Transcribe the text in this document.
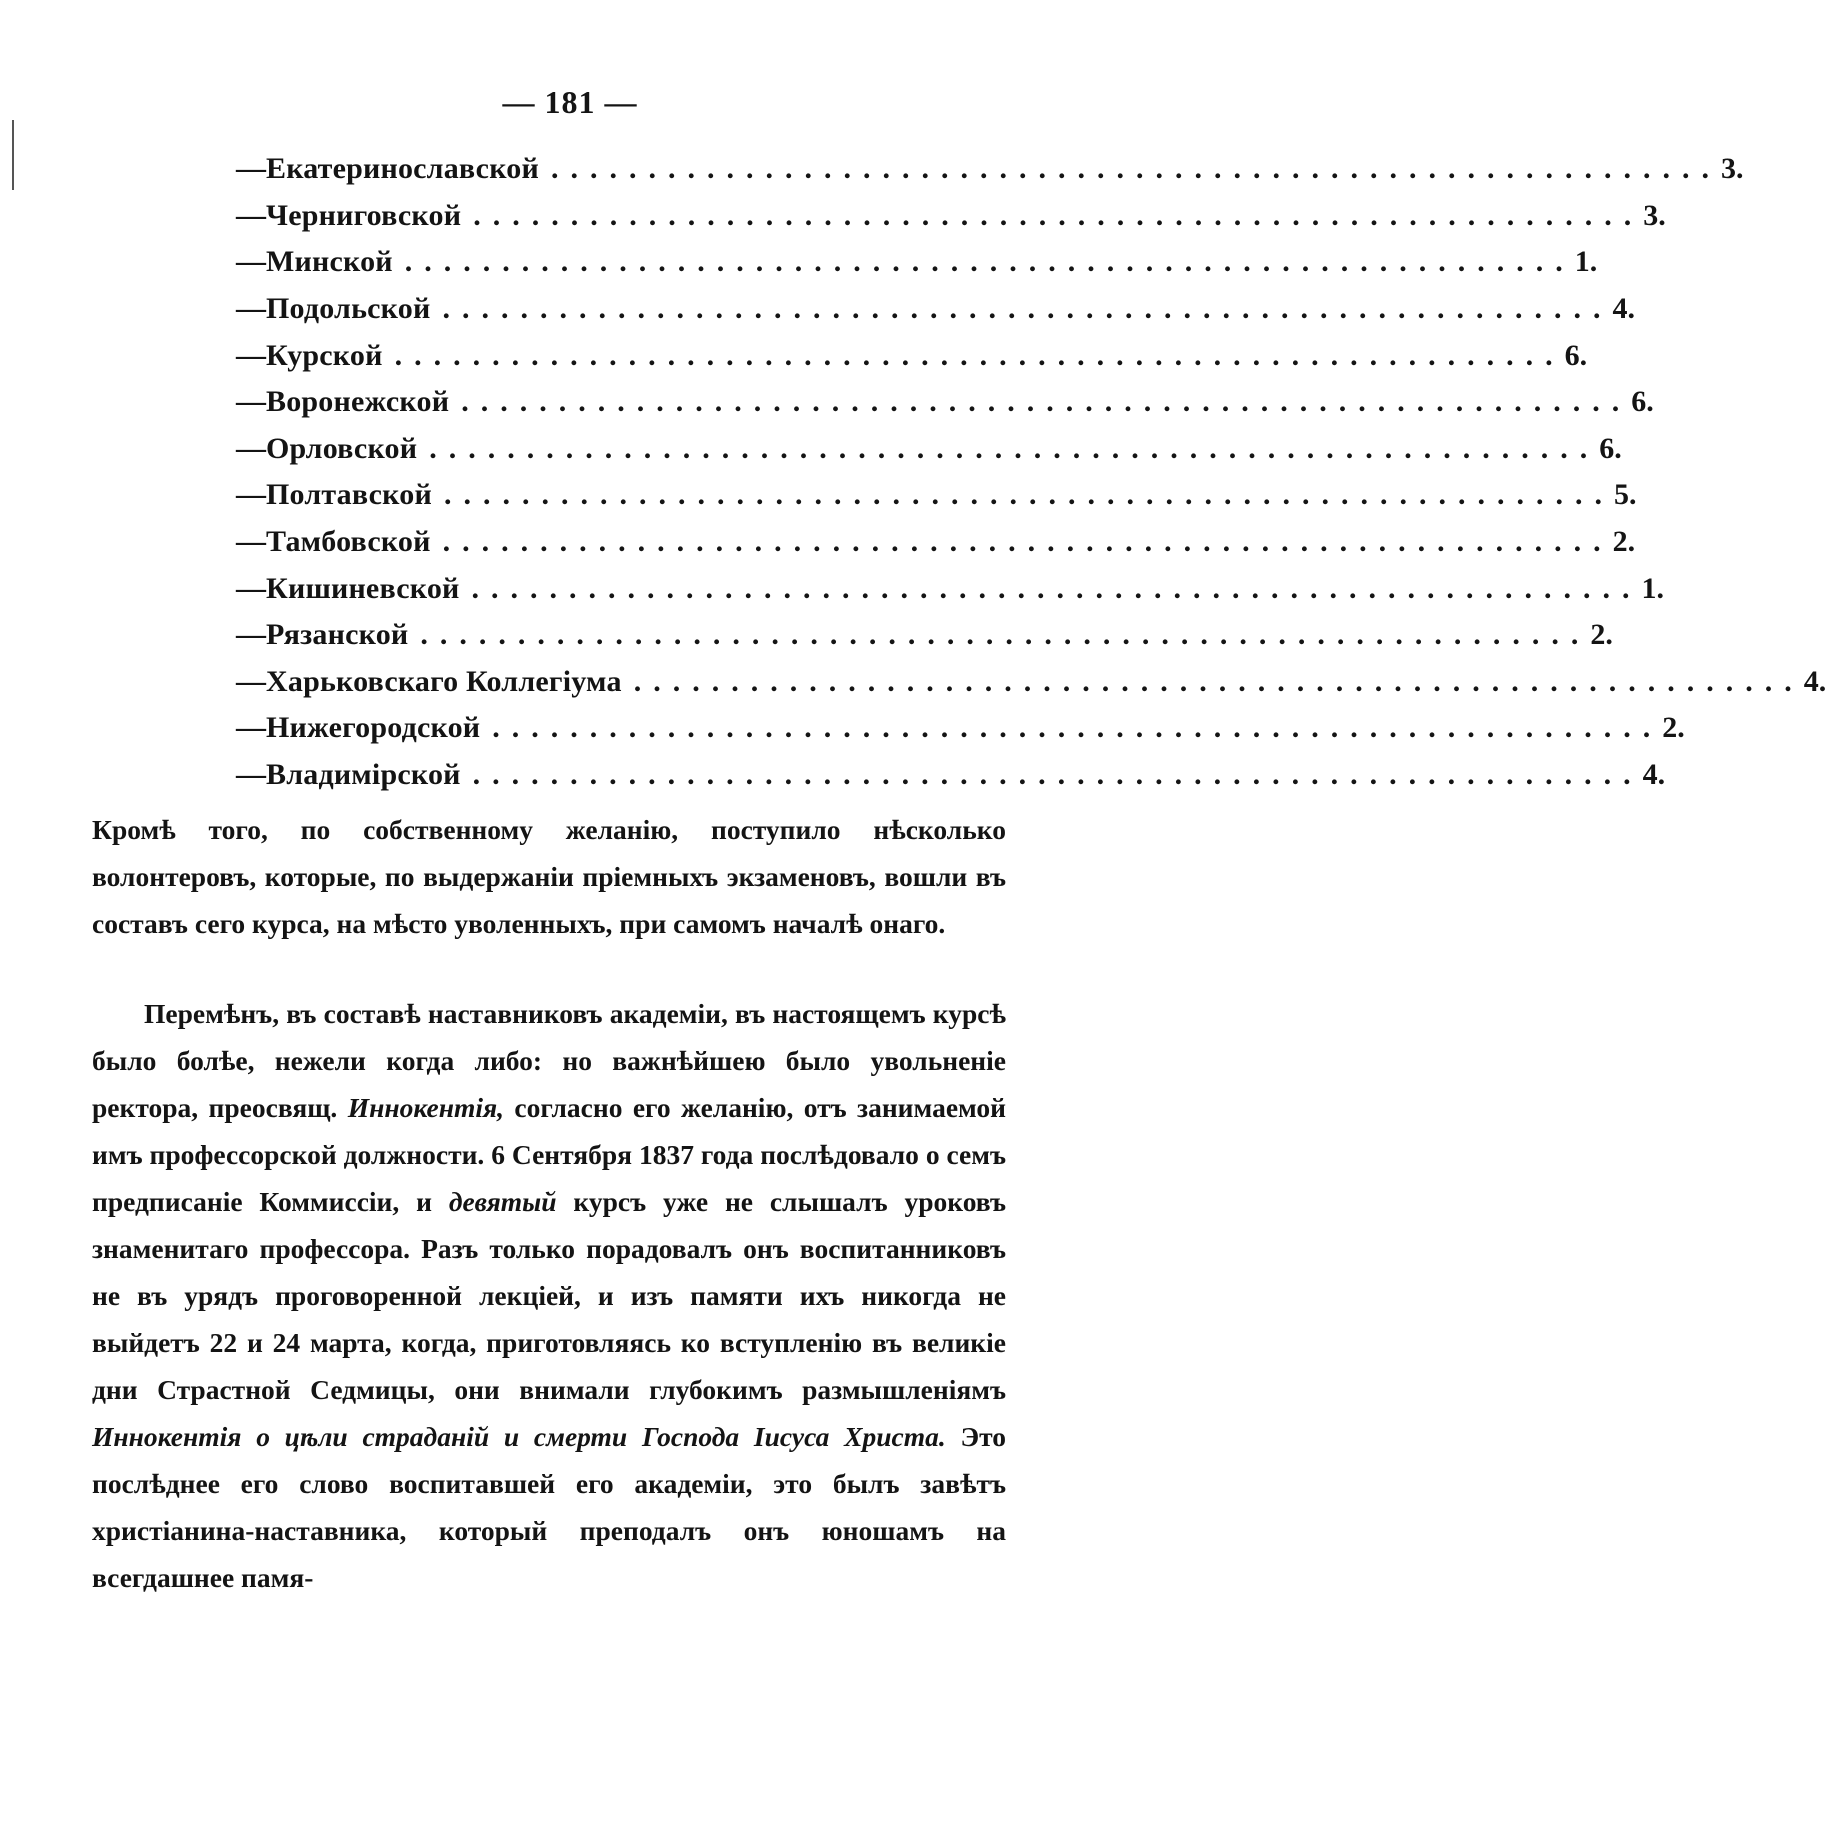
— 181 —
— Екатеринославской ............................................................ 3.
— Черниговской ............................................................ 3.
— Минской ............................................................ 1.
— Подольской ............................................................ 4.
— Курской ............................................................ 6.
— Воронежской ............................................................ 6.
— Орловской ............................................................ 6.
— Полтавской ............................................................ 5.
— Тамбовской ............................................................ 2.
— Кишиневской ............................................................ 1.
— Рязанской ............................................................ 2.
— Харьковскаго Коллегіума ............................................................ 4.
— Нижегородской ............................................................ 2.
— Владимірской ............................................................ 4.

Кромѣ того, по собственному желанію, поступило нѣсколько волонтеровъ, которые, по выдержаніи пріемныхъ экзаменовъ, вошли въ составъ сего курса, на мѣсто уволенныхъ, при самомъ началѣ онаго.

Перемѣнъ, въ составѣ наставниковъ академіи, въ настоящемъ курсѣ было болѣе, нежели когда либо: но важнѣйшею было увольненіе ректора, преосвящ. Иннокентія, согласно его желанію, отъ занимаемой имъ профессорской должности. 6 Сентября 1837 года послѣдовало о семъ предписаніе Коммиссіи, и девятый курсъ уже не слышалъ уроковъ знаменитаго профессора. Разъ только порадовалъ онъ воспитанниковъ не въ урядъ проговоренной лекціей, и изъ памяти ихъ никогда не выйдетъ 22 и 24 марта, когда, приготовляясь ко вступленію въ великіе дни Страстной Седмицы, они внимали глубокимъ размышленіямъ Иннокентія о цѣли страданій и смерти Господа Іисуса Христа. Это послѣднее его слово воспитавшей его академіи, это былъ завѣтъ христіанина-наставника, который преподалъ онъ юношамъ на всегдашнее памя-
